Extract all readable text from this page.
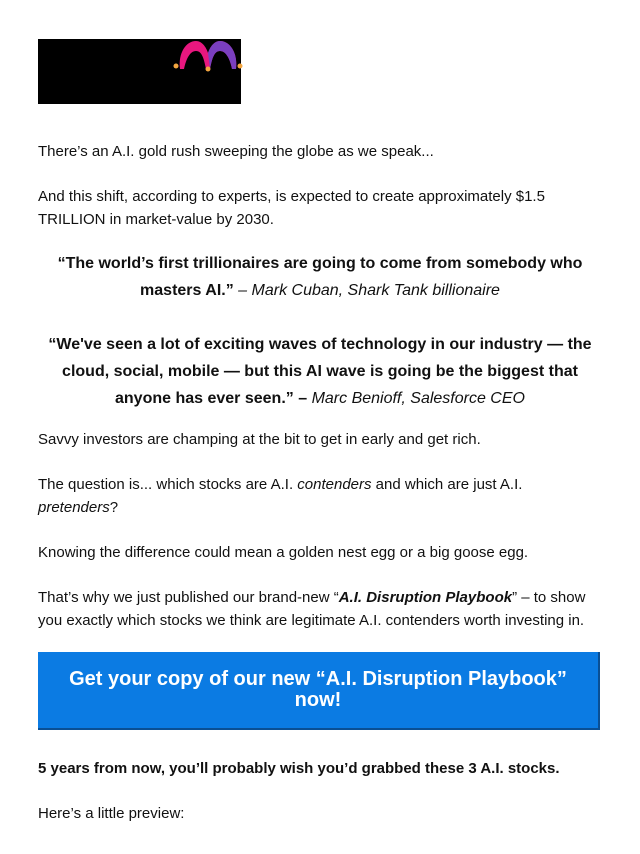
There’s an A.I. gold rush sweeping the globe as we speak...

And this shift, according to experts, is expected to create approximately $1.5 TRILLION in market-value by 2030.

“The world’s first trillionaires are going to come from somebody who masters AI.” – Mark Cuban, Shark Tank billionaire

“We've seen a lot of exciting waves of technology in our industry — the cloud, social, mobile — but this AI wave is going be the biggest that anyone has ever seen.” – Marc Benioff, Salesforce CEO

Savvy investors are champing at the bit to get in early and get rich.

The question is... which stocks are A.I. contenders and which are just A.I. pretenders?

Knowing the difference could mean a golden nest egg or a big goose egg.

That’s why we just published our brand-new “A.I. Disruption Playbook” – to show you exactly which stocks we think are legitimate A.I. contenders worth investing in.

Get your copy of our new “A.I. Disruption Playbook” now!

5 years from now, you’ll probably wish you’d grabbed these 3 A.I. stocks.

Here’s a little preview:
